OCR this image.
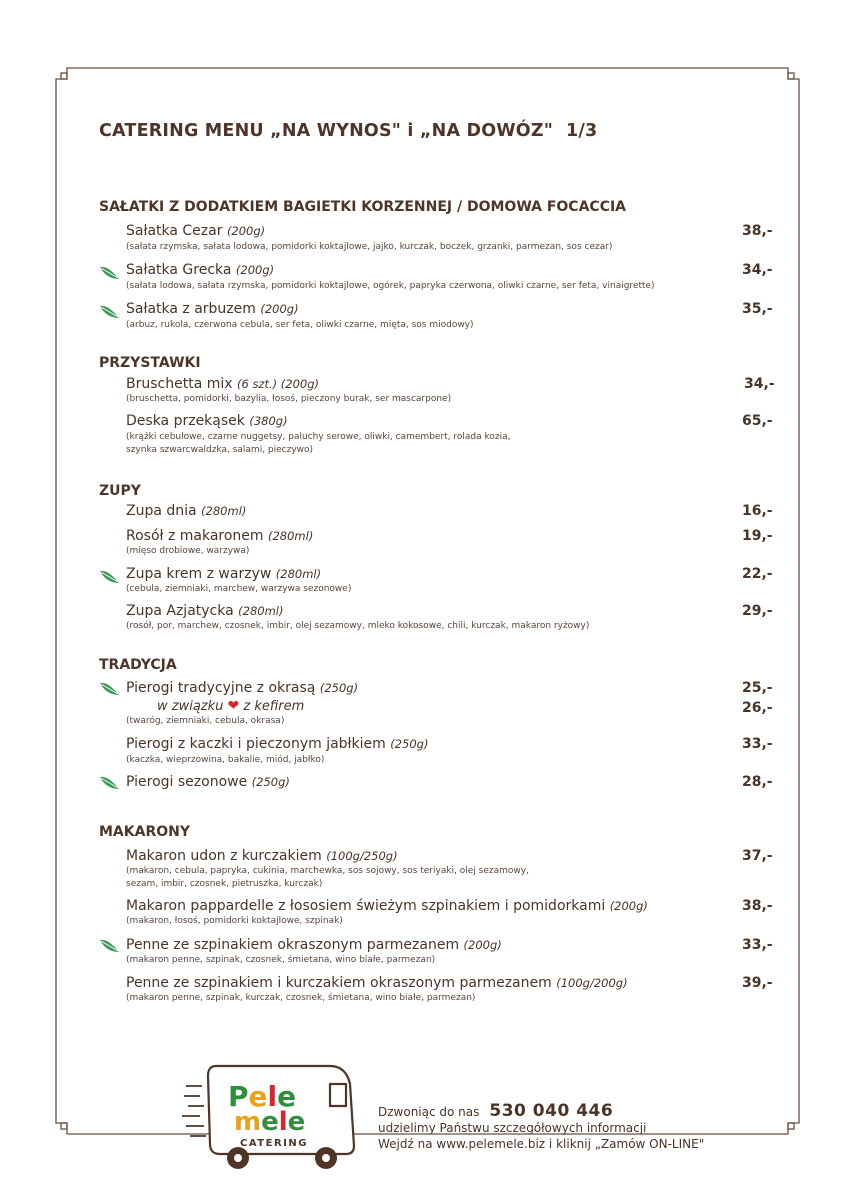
CATERING MENU „NA WYNOS" i „NA DOWÓZ" 1/3
SAŁATKI Z DODATKIEM BAGIETKI KORZENNEJ / DOMOWA FOCACCIA
Sałatka Cezar (200g)
(sałata rzymska, sałata lodowa, pomidorki koktajlowe, jajko, kurczak, boczek, grzanki, parmezan, sos cezar)
38,-
Sałatka Grecka (200g)
(sałata lodowa, sałata rzymska, pomidorki koktajlowe, ogórek, papryka czerwona, oliwki czarne, ser feta, vinaigrette)
34,-
Sałatka z arbuzem (200g)
(arbuz, rukola, czerwona cebula, ser feta, oliwki czarne, mięta, sos miodowy)
35,-
PRZYSTAWKI
Bruschetta mix (6 szt.) (200g)
(bruschetta, pomidorki, bazylia, łosoś, pieczony burak, ser mascarpone)
34,-
Deska przekąsek (380g)
(krążki cebulowe, czarne nuggetsy, paluchy serowe, oliwki, camembert, rolada kozia,
szynka szwarcwaldzka, salami, pieczywo)
65,-
ZUPY
Zupa dnia (280ml)	16,-
Rosół z makaronem (280ml)
(mięso drobiowe, warzywa)
19,-
Zupa krem z warzyw (280ml)
(cebula, ziemniaki, marchew, warzywa sezonowe)
22,-
Zupa Azjatycka (280ml)
(rosół, por, marchew, czosnek, imbir, olej sezamowy, mleko kokosowe, chili, kurczak, makaron ryżowy)
29,-
TRADYCJA
Pierogi tradycyjne z okrasą (250g)	25,-
w związku ❤ z kefirem	26,-
(twaróg, ziemniaki, cebula, okrasa)
Pierogi z kaczki i pieczonym jabłkiem (250g)
(kaczka, wieprzowina, bakalie, miód, jabłko)
33,-
Pierogi sezonowe (250g)	28,-
MAKARONY
Makaron udon z kurczakiem (100g/250g)
(makaron, cebula, papryka, cukinia, marchewka, sos sojowy, sos teriyaki, olej sezamowy,
sezam, imbir, czosnek, pietruszka, kurczak)
37,-
Makaron pappardelle z łososiem świeżym szpinakiem i pomidorkami (200g)
(makaron, łosoś, pomidorki koktajlowe, szpinak)
38,-
Penne ze szpinakiem okraszonym parmezanem (200g)
(makaron penne, szpinak, czosnek, śmietana, wino białe, parmezan)
33,-
Penne ze szpinakiem i kurczakiem okraszonym parmezanem (100g/200g)
(makaron penne, szpinak, kurczak, czosnek, śmietana, wino białe, parmezan)
39,-
Pele
mele
CATERING
Dzwoniąc do nas 530 040 446
udzielimy Państwu szczegółowych informacji
Wejdź na www.pelemele.biz i kliknij „Zamów ON-LINE"
